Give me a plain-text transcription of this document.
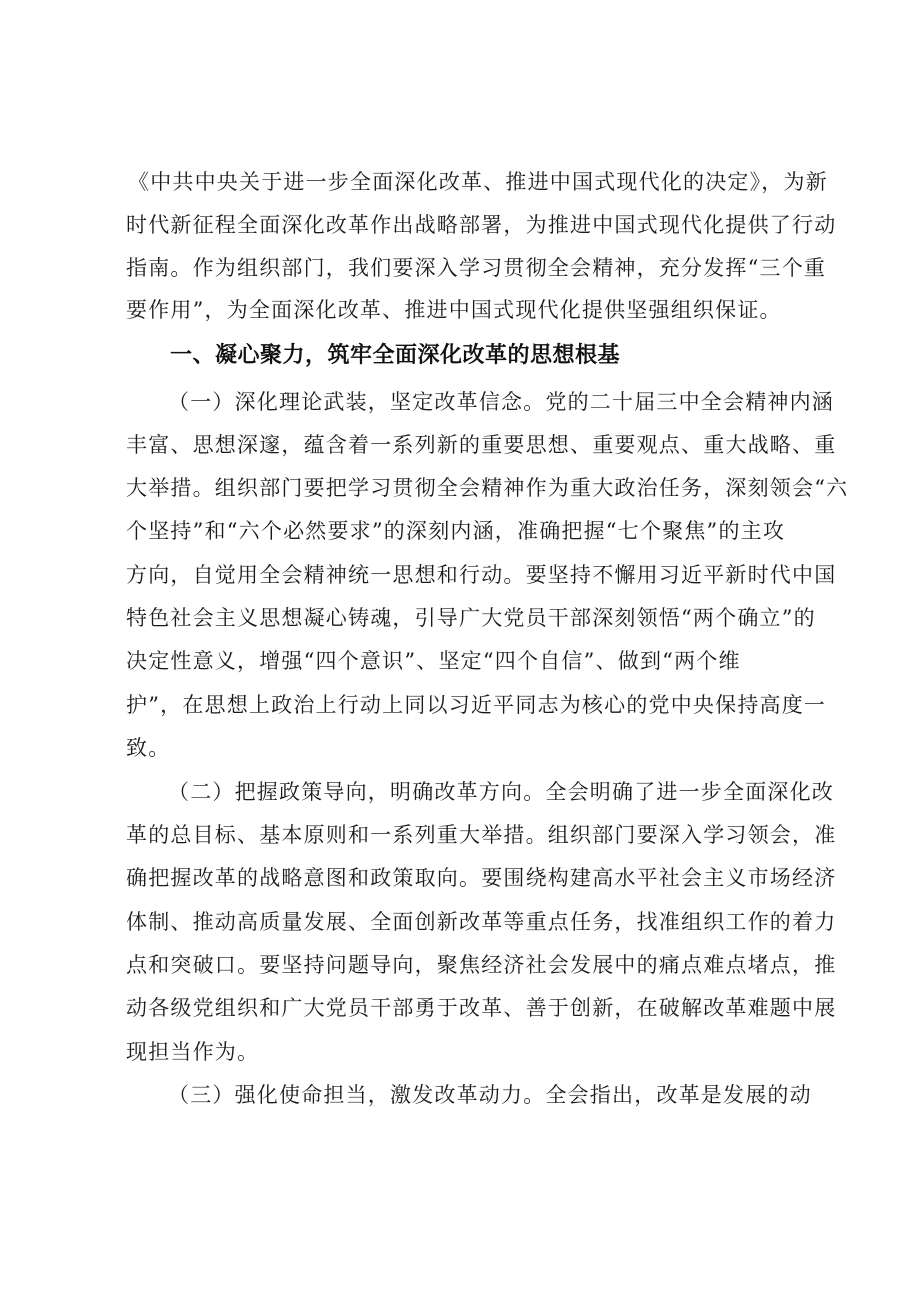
《中共中央关于进一步全面深化改革、推进中国式现代化的决定》，为新
时代新征程全面深化改革作出战略部署，为推进中国式现代化提供了行动
指南。作为组织部门，我们要深入学习贯彻全会精神，充分发挥“三个重
要作用”，为全面深化改革、推进中国式现代化提供坚强组织保证。
一、凝心聚力，筑牢全面深化改革的思想根基
（一）深化理论武装，坚定改革信念。党的二十届三中全会精神内涵
丰富、思想深邃，蕴含着一系列新的重要思想、重要观点、重大战略、重
大举措。组织部门要把学习贯彻全会精神作为重大政治任务，深刻领会“六
个坚持”和“六个必然要求”的深刻内涵，准确把握“七个聚焦”的主攻
方向，自觉用全会精神统一思想和行动。要坚持不懈用习近平新时代中国
特色社会主义思想凝心铸魂，引导广大党员干部深刻领悟“两个确立”的
决定性意义，增强“四个意识”、坚定“四个自信”、做到“两个维
护”，在思想上政治上行动上同以习近平同志为核心的党中央保持高度一
致。
（二）把握政策导向，明确改革方向。全会明确了进一步全面深化改
革的总目标、基本原则和一系列重大举措。组织部门要深入学习领会，准
确把握改革的战略意图和政策取向。要围绕构建高水平社会主义市场经济
体制、推动高质量发展、全面创新改革等重点任务，找准组织工作的着力
点和突破口。要坚持问题导向，聚焦经济社会发展中的痛点难点堵点，推
动各级党组织和广大党员干部勇于改革、善于创新，在破解改革难题中展
现担当作为。
（三）强化使命担当，激发改革动力。全会指出，改革是发展的动
